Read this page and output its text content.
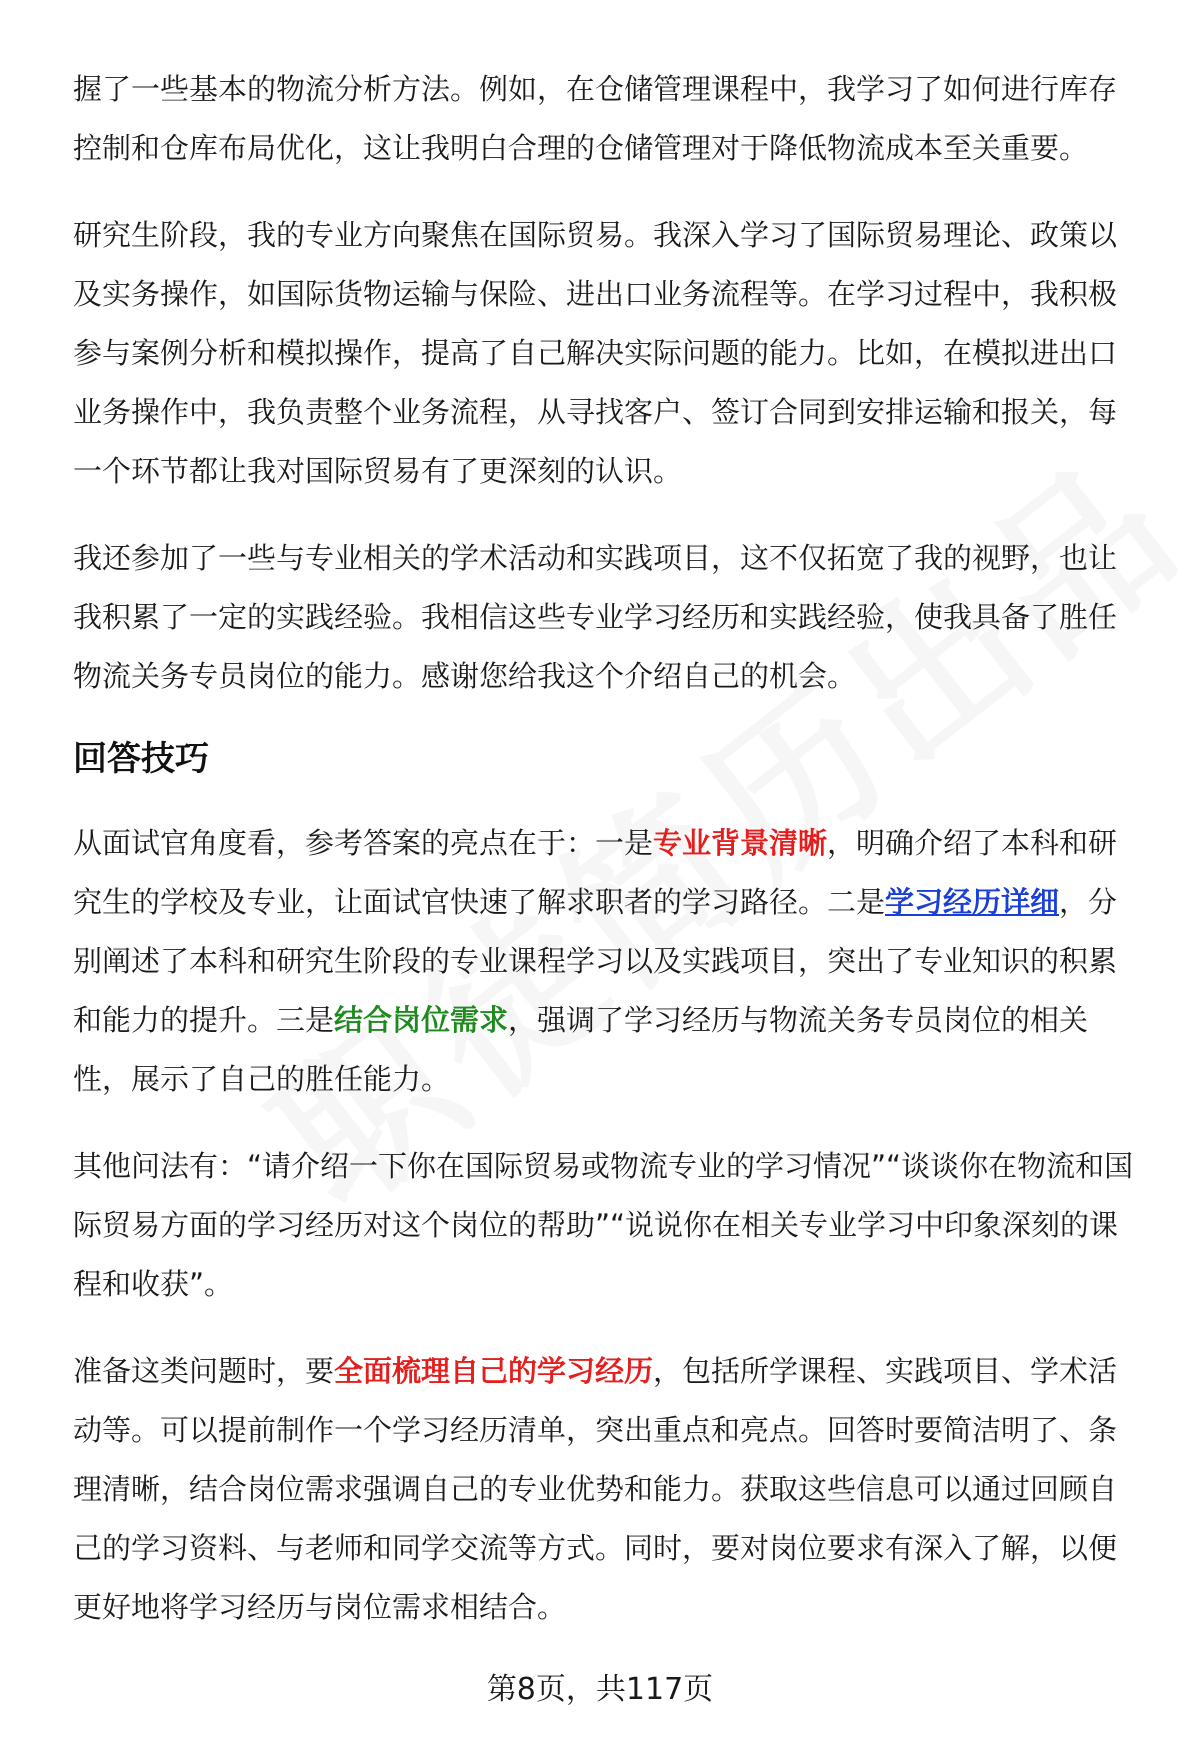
握了一些基本的物流分析方法。例如，在仓储管理课程中，我学习了如何进行库存控制和仓库布局优化，这让我明白合理的仓储管理对于降低物流成本至关重要。

研究生阶段，我的专业方向聚焦在国际贸易。我深入学习了国际贸易理论、政策以及实务操作，如国际货物运输与保险、进出口业务流程等。在学习过程中，我积极参与案例分析和模拟操作，提高了自己解决实际问题的能力。比如，在模拟进出口业务操作中，我负责整个业务流程，从寻找客户、签订合同到安排运输和报关，每一个环节都让我对国际贸易有了更深刻的认识。

我还参加了一些与专业相关的学术活动和实践项目，这不仅拓宽了我的视野，也让我积累了一定的实践经验。我相信这些专业学习经历和实践经验，使我具备了胜任物流关务专员岗位的能力。感谢您给我这个介绍自己的机会。

回答技巧

从面试官角度看，参考答案的亮点在于：一是专业背景清晰，明确介绍了本科和研究生的学校及专业，让面试官快速了解求职者的学习路径。二是学习经历详细，分别阐述了本科和研究生阶段的专业课程学习以及实践项目，突出了专业知识的积累和能力的提升。三是结合岗位需求，强调了学习经历与物流关务专员岗位的相关性，展示了自己的胜任能力。

其他问法有：“请介绍一下你在国际贸易或物流专业的学习情况”“谈谈你在物流和国际贸易方面的学习经历对这个岗位的帮助”“说说你在相关专业学习中印象深刻的课程和收获”。

准备这类问题时，要全面梳理自己的学习经历，包括所学课程、实践项目、学术活动等。可以提前制作一个学习经历清单，突出重点和亮点。回答时要简洁明了、条理清晰，结合岗位需求强调自己的专业优势和能力。获取这些信息可以通过回顾自己的学习资料、与老师和同学交流等方式。同时，要对岗位要求有深入了解，以便更好地将学习经历与岗位需求相结合。

第8页，共117页
